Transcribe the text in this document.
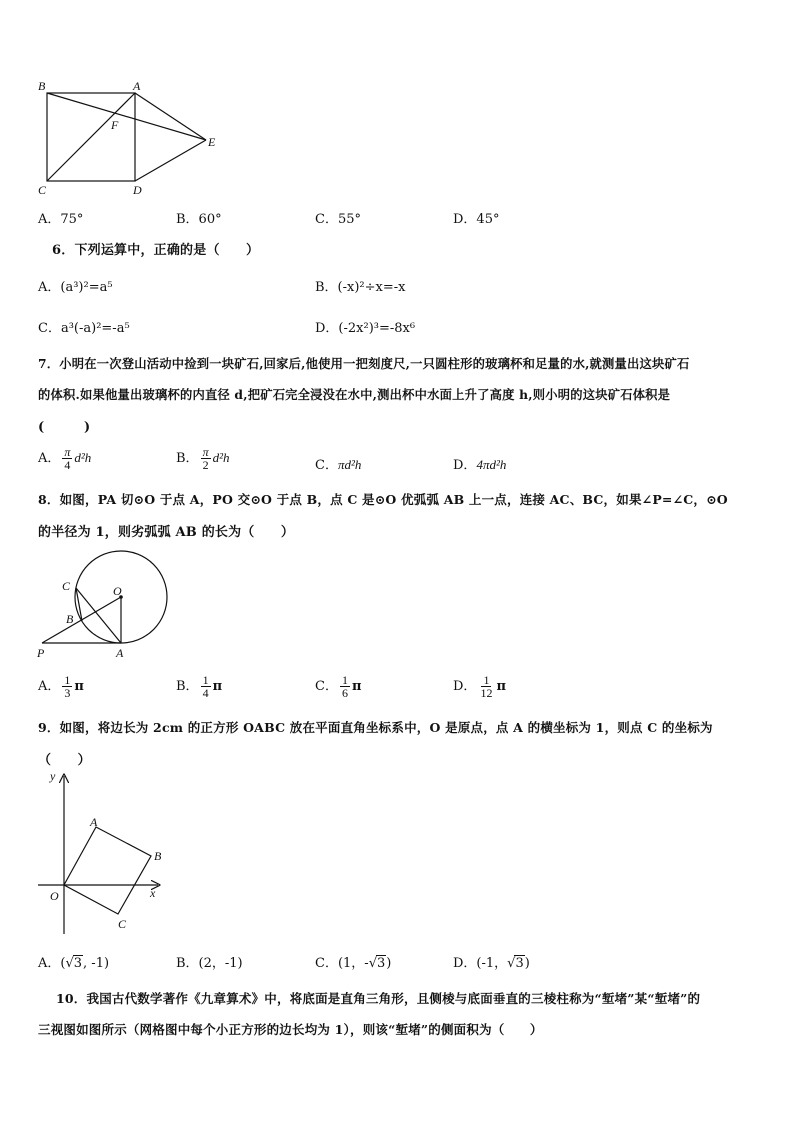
B	A
F
E
C	D
A．75°	B．60°	C．55°	D．45°
6．下列运算中，正确的是（　　）
A．(a³)²=a⁵	B．(-x)²÷x=-x
C．a³(-a)²=-a⁵	D．(-2x²)³=-8x⁶
7．小明在一次登山活动中捡到一块矿石,回家后,他使用一把刻度尺,一只圆柱形的玻璃杯和足量的水,就测量出这块矿石
的体积.如果他量出玻璃杯的内直径 d,把矿石完全浸没在水中,测出杯中水面上升了高度 h,则小明的这块矿石体积是
(　　　)
A． $\frac{\pi}{4} d^2h$	B． $\frac{\pi}{2} d^2h$
C．πd²h	D．4πd²h
8．如图，PA 切⊙O 于点 A，PO 交⊙O 于点 B，点 C 是⊙O 优弧弧 AB 上一点，连接 AC、BC，如果∠P=∠C，⊙O
的半径为 1，则劣弧弧 AB 的长为（　　）
C	O
B
P	A
A． $\frac{1}{3}$ π	B． $\frac{1}{4}$ π	C． $\frac{1}{6}$ π	D． $\frac{1}{12}$ π
9．如图，将边长为 2cm 的正方形 OABC 放在平面直角坐标系中，O 是原点，点 A 的横坐标为 1，则点 C 的坐标为
（　　）
y
A
B
O	x
C
A．(√3, -1)	B．(2，-1)	C．(1，-√3)	D．(-1，√3)
10．我国古代数学著作《九章算术》中，将底面是直角三角形，且侧棱与底面垂直的三棱柱称为“堑堵”某“堑堵”的
三视图如图所示（网格图中每个小正方形的边长均为 1），则该“堑堵”的侧面积为（　　）
